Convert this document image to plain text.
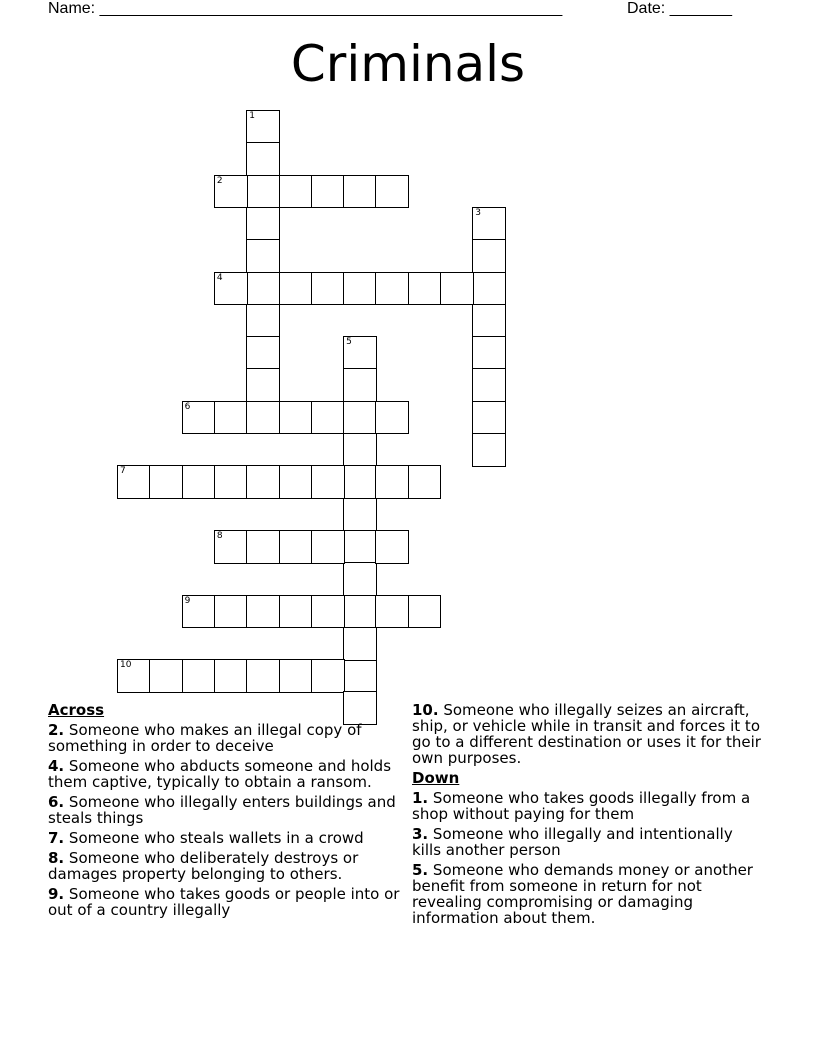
Name: ____________________________________________________	Date: _______
Criminals
1
2
3
4
5
6
7
8
9
10
Across
2. Someone who makes an illegal copy of something in order to deceive
4. Someone who abducts someone and holds them captive, typically to obtain a ransom.
6. Someone who illegally enters buildings and steals things
7. Someone who steals wallets in a crowd
8. Someone who deliberately destroys or damages property belonging to others.
9. Someone who takes goods or people into or out of a country illegally
10. Someone who illegally seizes an aircraft, ship, or vehicle while in transit and forces it to go to a different destination or uses it for their own purposes.
Down
1. Someone who takes goods illegally from a shop without paying for them
3. Someone who illegally and intentionally kills another person
5. Someone who demands money or another benefit from someone in return for not revealing compromising or damaging information about them.
